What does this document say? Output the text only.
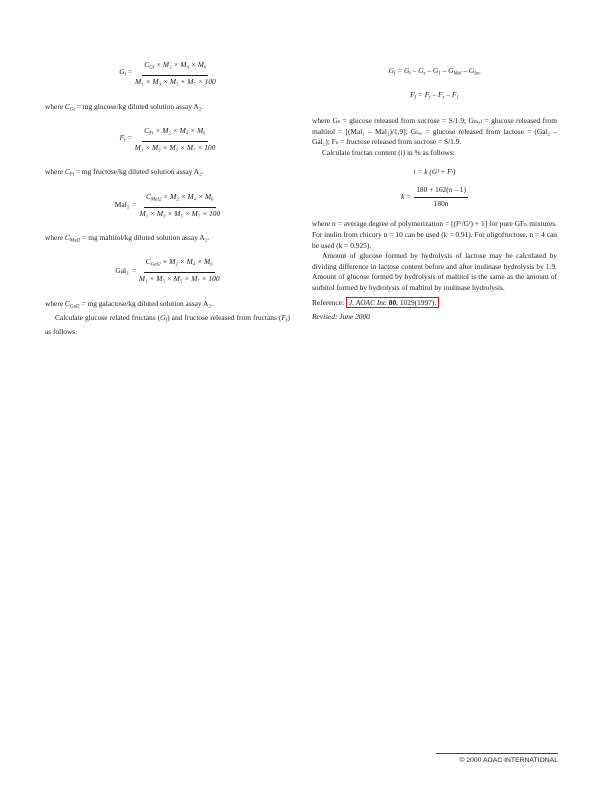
$G_t = \frac{C_{Gt} \times M_2 \times M_4 \times M_6}{\text{M₁ × M₃ × M₅ × M₇ × 100}}$

where $C_{Gt}$ = mg glucose/kg diluted solution assay A₂.

$F_t = \frac{C_{Ft} \times M_2 \times M_4 \times M_6}{\text{M₁ × M₃ × M₅ × M₇ × 100}}$

where $C_{Ft}$ = mg fructose/kg diluted solution assay A₂.

$Mal_2 = \frac{C_{Mal2} \times M_2 \times M_4 \times M_6}{\text{M₁ × M₃ × M₅ × M₇ × 100}}$

where $C_{Mal2}$ = mg maltitol/kg diluted solution assay A₂.

$Gal_2 = \frac{C_{Gal2} \times M_2 \times M_4 \times M_6}{\text{M₁ × M₃ × M₅ × M₇ × 100}}$

where $C_{Gal2}$ = mg galactose/kg diluted solution assay A₂.

Calculate glucose related fructans $(G_f)$ and fructose released from fructans $(F_f)$ as follows:

$G_f = G_t - G_s - G_1 - G_{Mal} - G_{lac}$
$F_f = F_t - F_s - F_1$

where Gₛ = glucose released from sucrose = S/1.9; Gₘₐₗ = glucose released from maltitol = [(Mal₁ – Mal₂)/1.9]; Gₗₐₓ = glucose released from lactose = (Gal₂ – Gal₁); Fₛ = fructose released from sucrose = S/1.9.

Calculate fructan content (i) in % as follows:

i = k (Gᶠ + Fᶠ)
$k = \frac{180 + 162(n - 1)}{180n}$

where n = average degree of polymerization = [(Fᶠ/Gᶠ) + 1] for pure GFₙ mixtures. For inulin from chicory n = 10 can be used (k = 0.91). For oligofructose, n = 4 can be used (k = 0.925).

Amount of glucose formed by hydrolysis of lactose may be calculated by dividing difference in lactose content before and after inulinase hydrolysis by 1.9. Amount of glucose formed by hydrolysis of maltitol is the same as the amount of sorbitol formed by hydrolysis of maltitol by inulinase hydrolysis.

Reference: J. AOAC Int. 80, 1029(1997).

Revised: June 2000

© 2000 AOAC INTERNATIONAL
